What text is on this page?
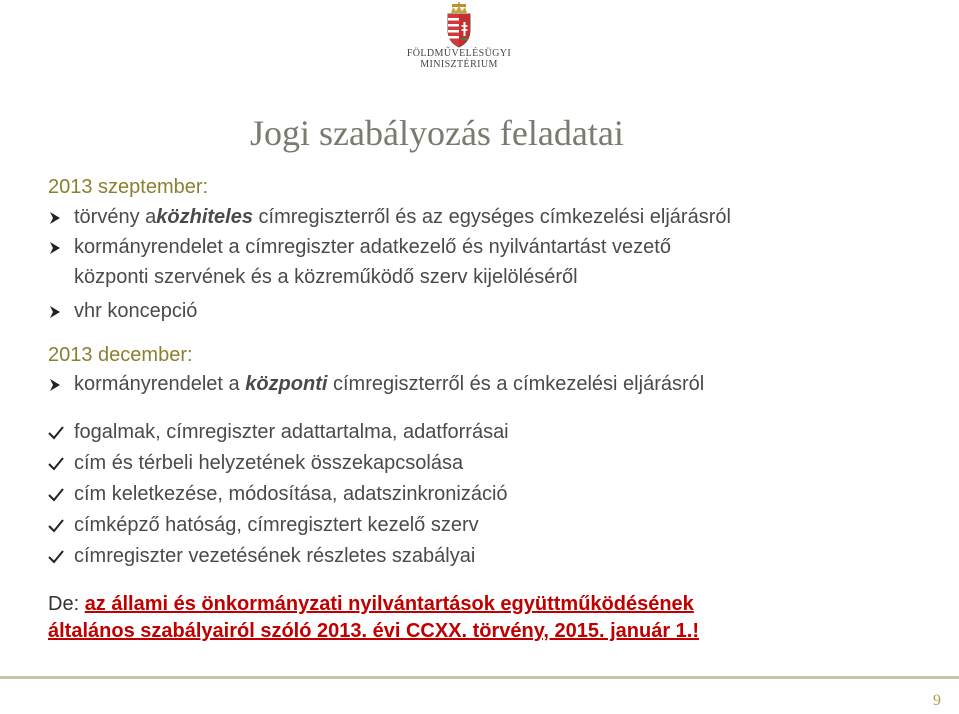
FÖLDMŰVELÉSÜGYI
MINISZTÉRIUM
Jogi szabályozás feladatai
2013 szeptember:
törvény a közhiteles címregiszterről és az egységes címkezelési eljárásról
kormányrendelet a címregiszter adatkezelő és nyilvántartást vezető
központi szervének és a közreműködő szerv kijelöléséről
vhr koncepció
2013 december:
kormányrendelet a központi címregiszterről és a címkezelési eljárásról
fogalmak, címregiszter adattartalma, adatforrásai
cím és térbeli helyzetének összekapcsolása
cím keletkezése, módosítása, adatszinkronizáció
címképző hatóság, címregisztert kezelő szerv
címregiszter vezetésének részletes szabályai
De: az állami és önkormányzati nyilvántartások együttműködésének
általános szabályairól szóló 2013. évi CCXX. törvény, 2015. január 1.!
9
